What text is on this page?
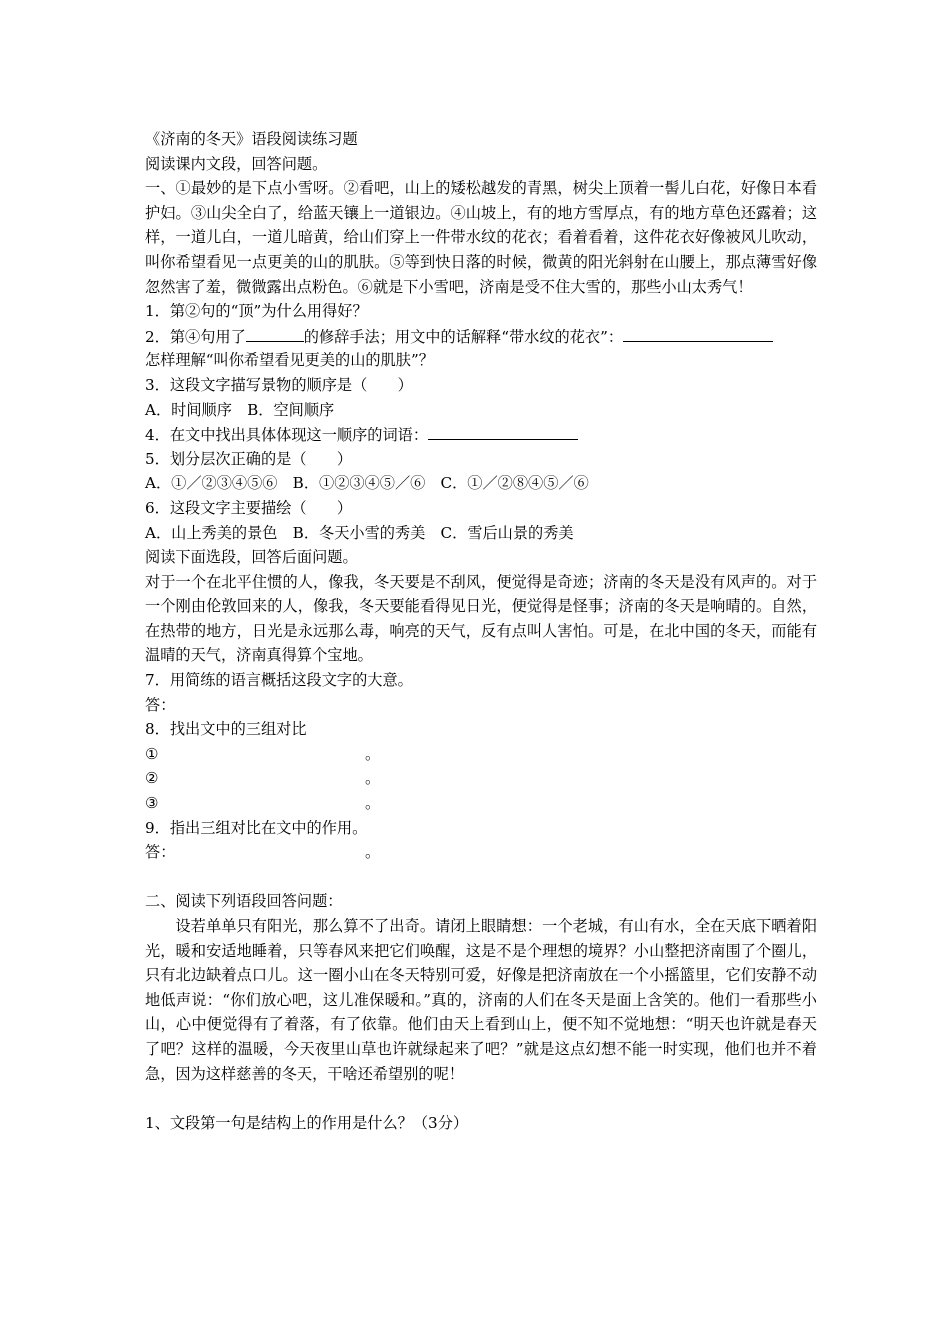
《济南的冬天》语段阅读练习题
阅读课内文段，回答问题。
一、①最妙的是下点小雪呀。②看吧，山上的矮松越发的青黑，树尖上顶着一髻儿白花，好像日本看护妇。③山尖全白了，给蓝天镶上一道银边。④山坡上，有的地方雪厚点，有的地方草色还露着；这样，一道儿白，一道儿暗黄，给山们穿上一件带水纹的花衣；看着看着，这件花衣好像被风儿吹动，叫你希望看见一点更美的山的肌肤。⑤等到快日落的时候，微黄的阳光斜射在山腰上，那点薄雪好像忽然害了羞，微微露出点粉色。⑥就是下小雪吧，济南是受不住大雪的，那些小山太秀气！
1．第②句的“顶”为什么用得好？
2．第④句用了	的修辞手法；用文中的话解释“带水纹的花衣”：
怎样理解“叫你希望看见更美的山的肌肤”？
3．这段文字描写景物的顺序是（　　）
A．时间顺序　B．空间顺序
4．在文中找出具体体现这一顺序的词语：
5．划分层次正确的是（　　）
A．①／②③④⑤⑥　B．①②③④⑤／⑥　C．①／②⑧④⑤／⑥
6．这段文字主要描绘（　　）
A．山上秀美的景色　B．冬天小雪的秀美　C．雪后山景的秀美
阅读下面选段，回答后面问题。
对于一个在北平住惯的人，像我，冬天要是不刮风，便觉得是奇迹；济南的冬天是没有风声的。对于一个刚由伦敦回来的人，像我，冬天要能看得见日光，便觉得是怪事；济南的冬天是响晴的。自然，在热带的地方，日光是永远那么毒，响亮的天气，反有点叫人害怕。可是，在北中国的冬天，而能有温晴的天气，济南真得算个宝地。
7．用简练的语言概括这段文字的大意。
答：
8．找出文中的三组对比
①	。
②	。
③	。
9．指出三组对比在文中的作用。
答：	。
二、阅读下列语段回答问题：
设若单单只有阳光，那么算不了出奇。请闭上眼睛想：一个老城，有山有水，全在天底下晒着阳光，暖和安适地睡着，只等春风来把它们唤醒，这是不是个理想的境界？小山整把济南围了个圈儿，只有北边缺着点口儿。这一圈小山在冬天特别可爱，好像是把济南放在一个小摇篮里，它们安静不动地低声说：“你们放心吧，这儿准保暖和。”真的，济南的人们在冬天是面上含笑的。他们一看那些小山，心中便觉得有了着落，有了依靠。他们由天上看到山上，便不知不觉地想：“明天也许就是春天了吧？这样的温暖，今天夜里山草也许就绿起来了吧？”就是这点幻想不能一时实现，他们也并不着急，因为这样慈善的冬天，干啥还希望别的呢！
1、文段第一句是结构上的作用是什么？（3分）
